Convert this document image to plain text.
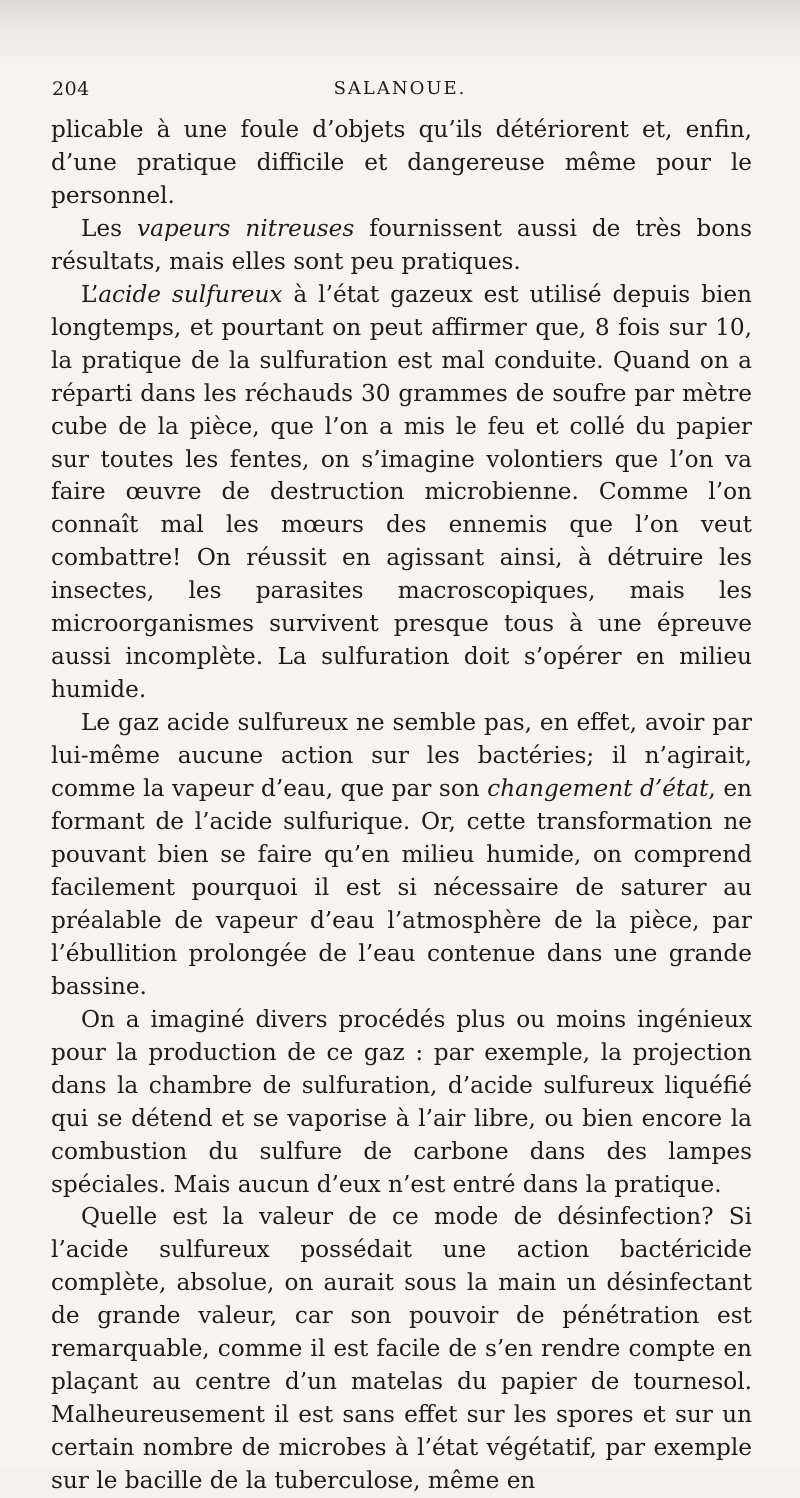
204	SALANOUE.

plicable à une foule d’objets qu’ils détériorent et, enfin, d’une pratique difficile et dangereuse même pour le personnel.

Les vapeurs nitreuses fournissent aussi de très bons résultats, mais elles sont peu pratiques.

L’acide sulfureux à l’état gazeux est utilisé depuis bien longtemps, et pourtant on peut affirmer que, 8 fois sur 10, la pratique de la sulfuration est mal conduite. Quand on a réparti dans les réchauds 30 grammes de soufre par mètre cube de la pièce, que l’on a mis le feu et collé du papier sur toutes les fentes, on s’imagine volontiers que l’on va faire œuvre de destruction microbienne. Comme l’on connaît mal les mœurs des ennemis que l’on veut combattre! On réussit en agissant ainsi, à détruire les insectes, les parasites macroscopiques, mais les microorganismes survivent presque tous à une épreuve aussi incomplète. La sulfuration doit s’opérer en milieu humide.

Le gaz acide sulfureux ne semble pas, en effet, avoir par lui-même aucune action sur les bactéries; il n’agirait, comme la vapeur d’eau, que par son changement d’état, en formant de l’acide sulfurique. Or, cette transformation ne pouvant bien se faire qu’en milieu humide, on comprend facilement pourquoi il est si nécessaire de saturer au préalable de vapeur d’eau l’atmosphère de la pièce, par l’ébullition prolongée de l’eau contenue dans une grande bassine.

On a imaginé divers procédés plus ou moins ingénieux pour la production de ce gaz : par exemple, la projection dans la chambre de sulfuration, d’acide sulfureux liquéfié qui se détend et se vaporise à l’air libre, ou bien encore la combustion du sulfure de carbone dans des lampes spéciales. Mais aucun d’eux n’est entré dans la pratique.

Quelle est la valeur de ce mode de désinfection? Si l’acide sulfureux possédait une action bactéricide complète, absolue, on aurait sous la main un désinfectant de grande valeur, car son pouvoir de pénétration est remarquable, comme il est facile de s’en rendre compte en plaçant au centre d’un matelas du papier de tournesol. Malheureusement il est sans effet sur les spores et sur un certain nombre de microbes à l’état végétatif, par exemple sur le bacille de la tuberculose, même en
